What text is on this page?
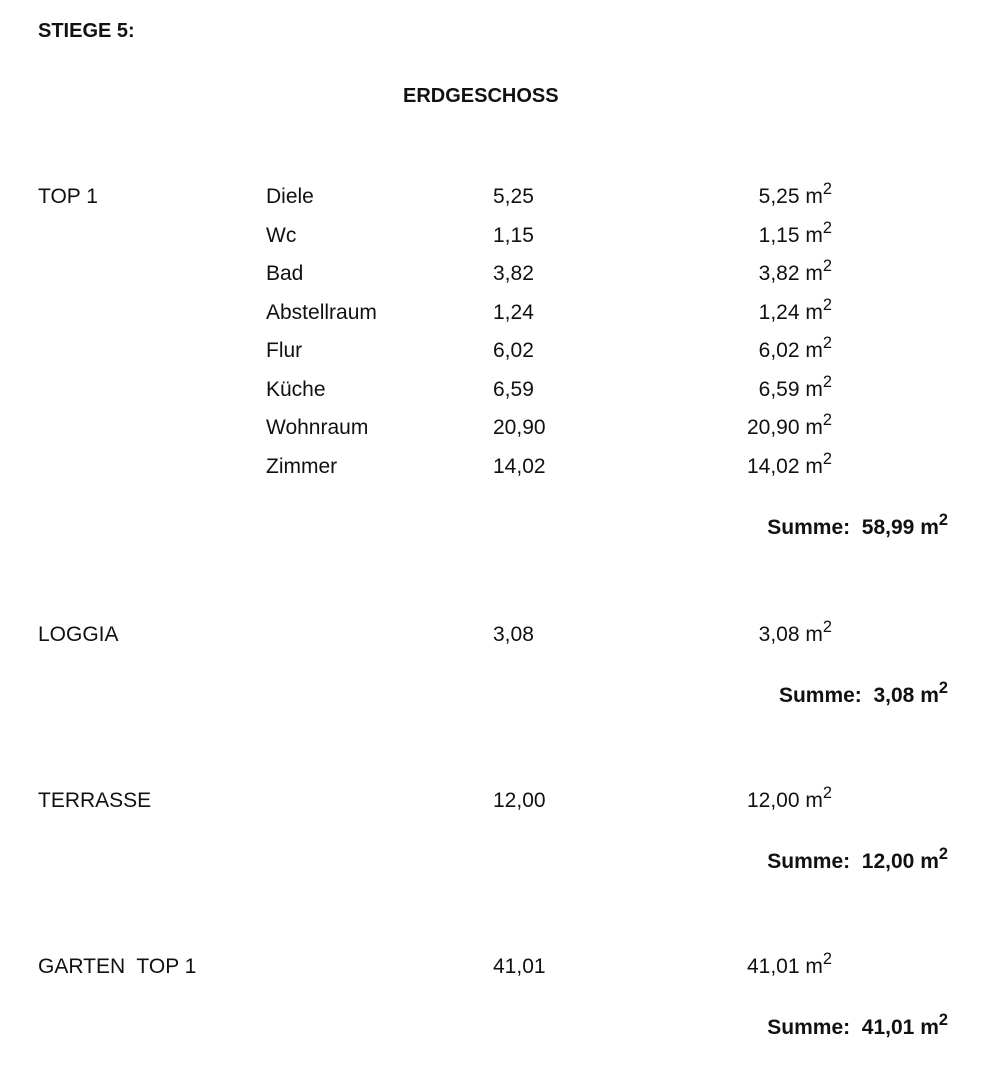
STIEGE 5:
ERDGESCHOSS
TOP 1	Diele	5,25	5,25 $m^2$
Wc	1,15	1,15 $m^2$
Bad	3,82	3,82 $m^2$
Abstellraum	1,24	1,24 $m^2$
Flur	6,02	6,02 $m^2$
Küche	6,59	6,59 $m^2$
Wohnraum	20,90	20,90 $m^2$
Zimmer	14,02	14,02 $m^2$
Summe: 58,99 $m^2$
LOGGIA	3,08	3,08 $m^2$
Summe: 3,08 $m^2$
TERRASSE	12,00	12,00 $m^2$
Summe: 12,00 $m^2$
GARTEN  TOP 1	41,01	41,01 $m^2$
Summe: 41,01 $m^2$
